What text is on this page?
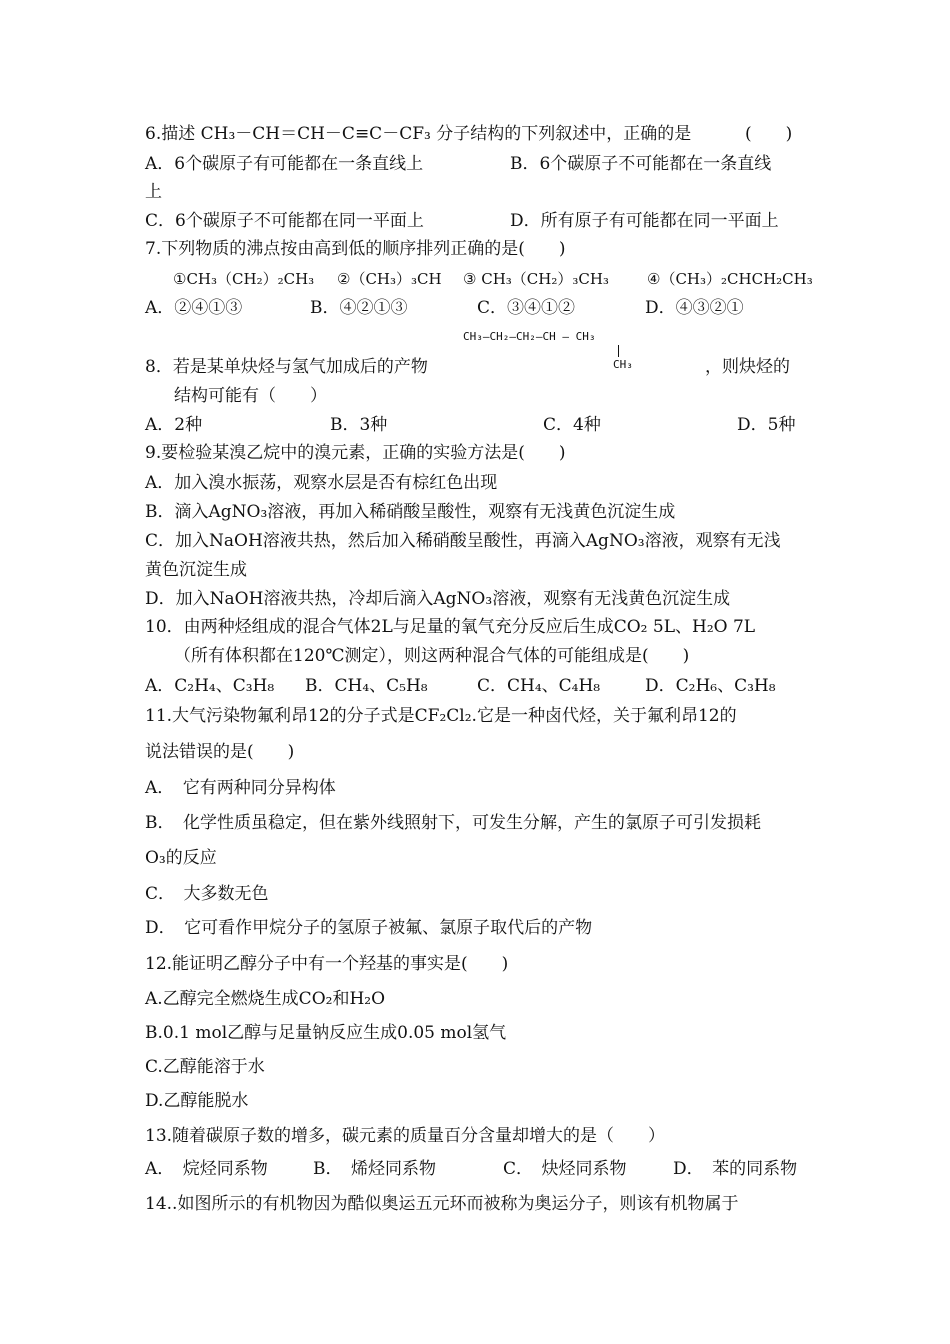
6.描述 CH₃－CH＝CH－C≡C－CF₃ 分子结构的下列叙述中，正确的是	(　　)
A．6个碳原子有可能都在一条直线上	B．6个碳原子不可能都在一条直线
上
C．6个碳原子不可能都在同一平面上	D．所有原子有可能都在同一平面上
7.下列物质的沸点按由高到低的顺序排列正确的是(　　)
①CH₃（CH₂）₂CH₃ ②（CH₃）₃CH ③ CH₃（CH₂）₃CH₃	④（CH₃）₂CHCH₂CH₃
A．②④①③	B．④②①③	C．③④①②	D．④③②①
CH₃—CH₂—CH₂—CH — CH₃
CH₃
8．若是某单炔烃与氢气加成后的产物	，则炔烃的
结构可能有（　　）
A．2种	B．3种	C．4种	D．5种
9.要检验某溴乙烷中的溴元素，正确的实验方法是(　　)
A．加入溴水振荡，观察水层是否有棕红色出现
B．滴入AgNO₃溶液，再加入稀硝酸呈酸性，观察有无浅黄色沉淀生成
C．加入NaOH溶液共热，然后加入稀硝酸呈酸性，再滴入AgNO₃溶液，观察有无浅
黄色沉淀生成
D．加入NaOH溶液共热，冷却后滴入AgNO₃溶液，观察有无浅黄色沉淀生成
10．由两种烃组成的混合气体2L与足量的氧气充分反应后生成CO₂ 5L、H₂O 7L
（所有体积都在120℃测定），则这两种混合气体的可能组成是(　　)
A．C₂H₄、C₃H₈ B．CH₄、C₅H₈	C．CH₄、C₄H₈	D．C₂H₆、C₃H₈
11.大气污染物氟利昂12的分子式是CF₂Cl₂.它是一种卤代烃，关于氟利昂12的
说法错误的是(　　)
A．　它有两种同分异构体
B．　化学性质虽稳定，但在紫外线照射下，可发生分解，产生的氯原子可引发损耗
O₃的反应
C．　大多数无色
D．　它可看作甲烷分子的氢原子被氟、氯原子取代后的产物
12.能证明乙醇分子中有一个羟基的事实是(　　)
A.乙醇完全燃烧生成CO₂和H₂O
B.0.1 mol乙醇与足量钠反应生成0.05 mol氢气
C.乙醇能溶于水
D.乙醇能脱水
13.随着碳原子数的增多，碳元素的质量百分含量却增大的是（　　）
A．　烷烃同系物	B．　烯烃同系物	C．　炔烃同系物	D．　苯的同系物
14..如图所示的有机物因为酷似奥运五元环而被称为奥运分子，则该有机物属于
